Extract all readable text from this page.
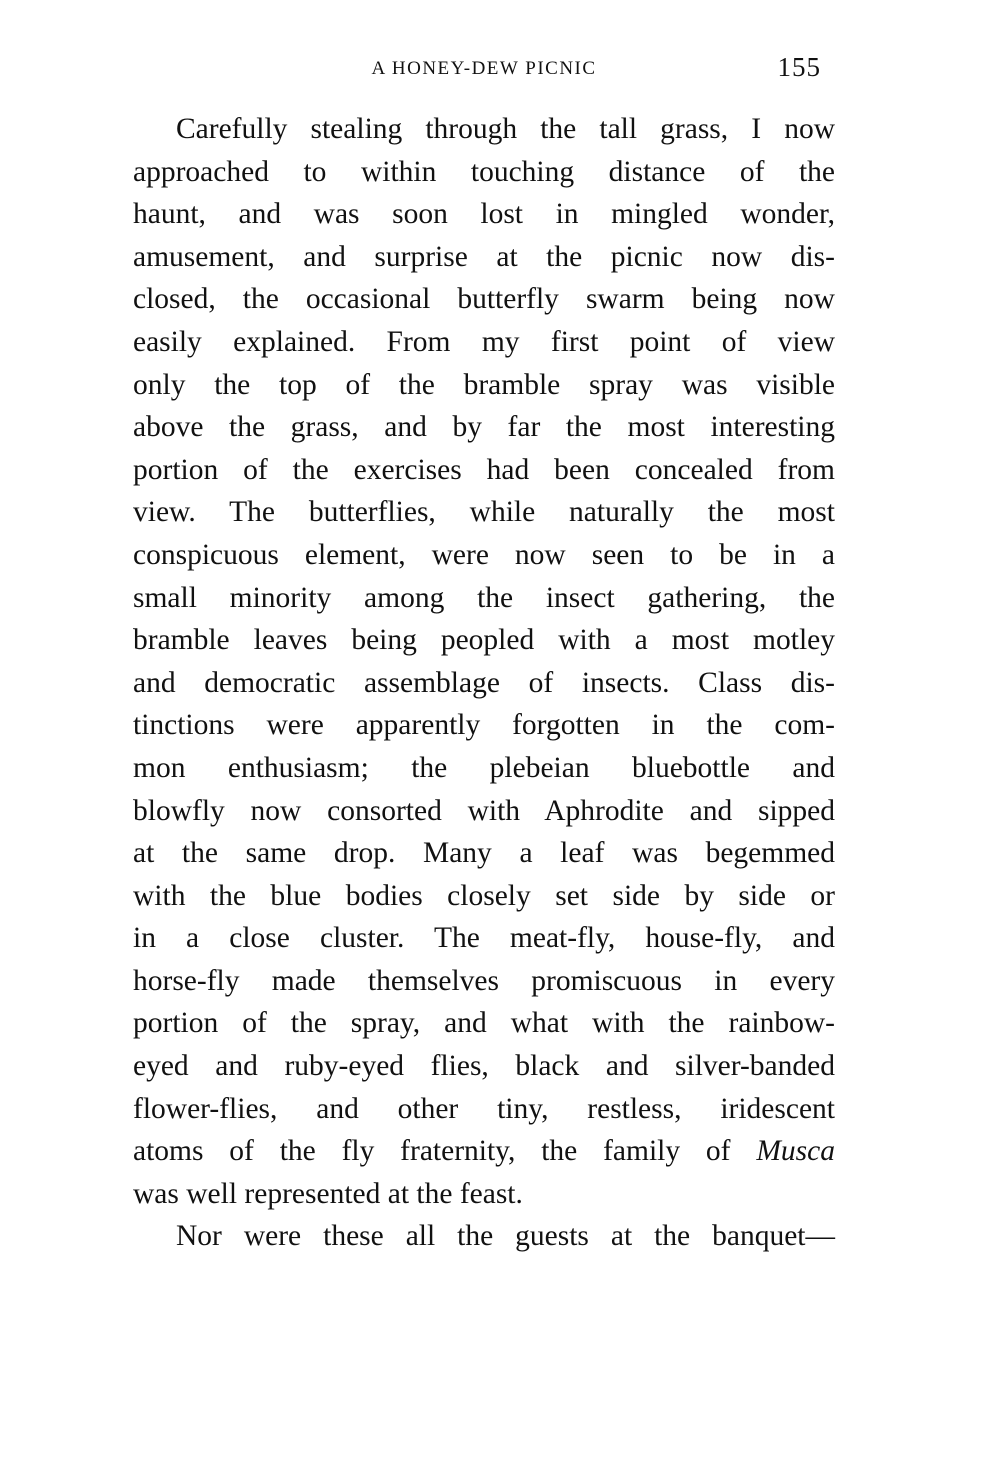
A HONEY-DEW PICNIC	155
Carefully stealing through the tall grass, I now
approached to within touching distance of the
haunt, and was soon lost in mingled wonder,
amusement, and surprise at the picnic now dis-
closed, the occasional butterfly swarm being now
easily explained. From my first point of view
only the top of the bramble spray was visible
above the grass, and by far the most interesting
portion of the exercises had been concealed from
view. The butterflies, while naturally the most
conspicuous element, were now seen to be in a
small minority among the insect gathering, the
bramble leaves being peopled with a most motley
and democratic assemblage of insects. Class dis-
tinctions were apparently forgotten in the com-
mon enthusiasm; the plebeian bluebottle and
blowfly now consorted with Aphrodite and sipped
at the same drop. Many a leaf was begemmed
with the blue bodies closely set side by side or
in a close cluster. The meat-fly, house-fly, and
horse-fly made themselves promiscuous in every
portion of the spray, and what with the rainbow-
eyed and ruby-eyed flies, black and silver-banded
flower-flies, and other tiny, restless, iridescent
atoms of the fly fraternity, the family of Musca
was well represented at the feast.
Nor were these all the guests at the banquet—
